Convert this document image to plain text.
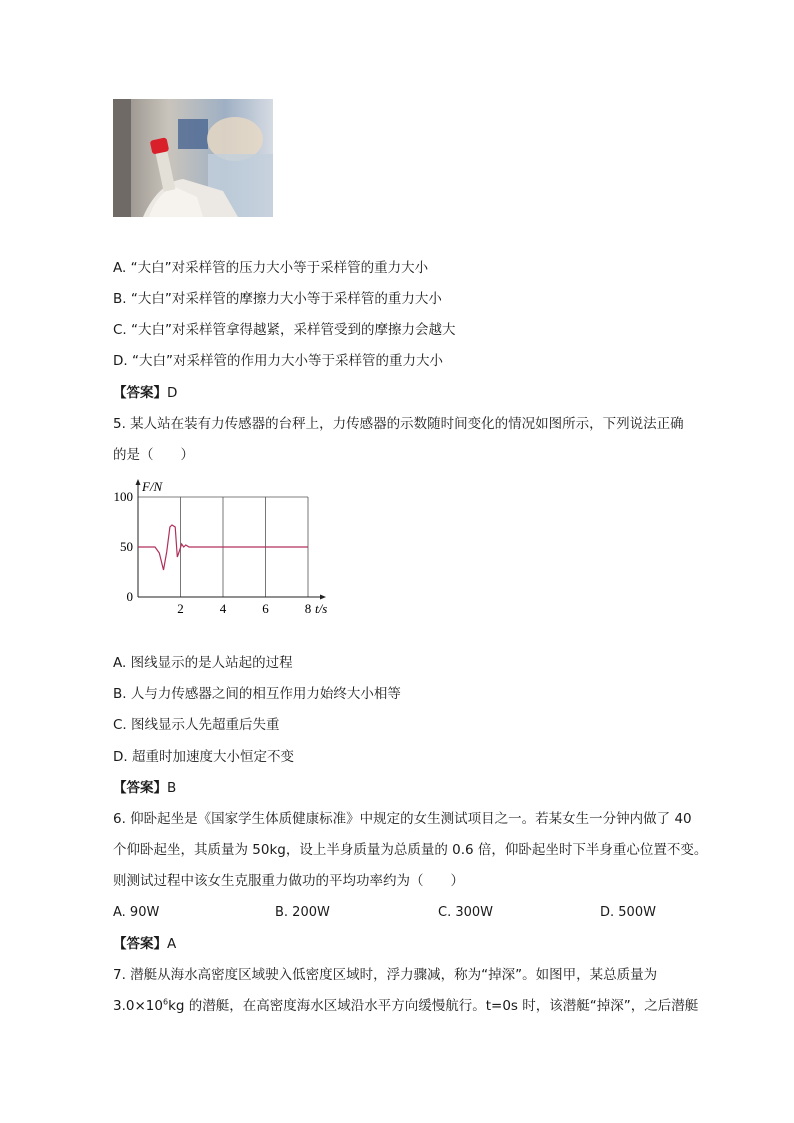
A. “大白”对采样管的压力大小等于采样管的重力大小
B. “大白”对采样管的摩擦力大小等于采样管的重力大小
C. “大白”对采样管拿得越紧，采样管受到的摩擦力会越大
D. “大白”对采样管的作用力大小等于采样管的重力大小
【答案】D
5. 某人站在装有力传感器的台秤上，力传感器的示数随时间变化的情况如图所示，下列说法正确
的是（　　）
F/N
t/s
2	4	6	8
100
50
0
A. 图线显示的是人站起的过程
B. 人与力传感器之间的相互作用力始终大小相等
C. 图线显示人先超重后失重
D. 超重时加速度大小恒定不变
【答案】B
6. 仰卧起坐是《国家学生体质健康标准》中规定的女生测试项目之一。若某女生一分钟内做了 40
个仰卧起坐，其质量为 50kg，设上半身质量为总质量的 0.6 倍，仰卧起坐时下半身重心位置不变。
则测试过程中该女生克服重力做功的平均功率约为（　　）
A. 90W	B. 200W	C. 300W	D. 500W
【答案】A
7. 潜艇从海水高密度区域驶入低密度区域时，浮力骤减，称为“掉深”。如图甲，某总质量为
$3.0\times 10^6kg$ 的潜艇，在高密度海水区域沿水平方向缓慢航行。t=0s 时，该潜艇“掉深”，之后潜艇
